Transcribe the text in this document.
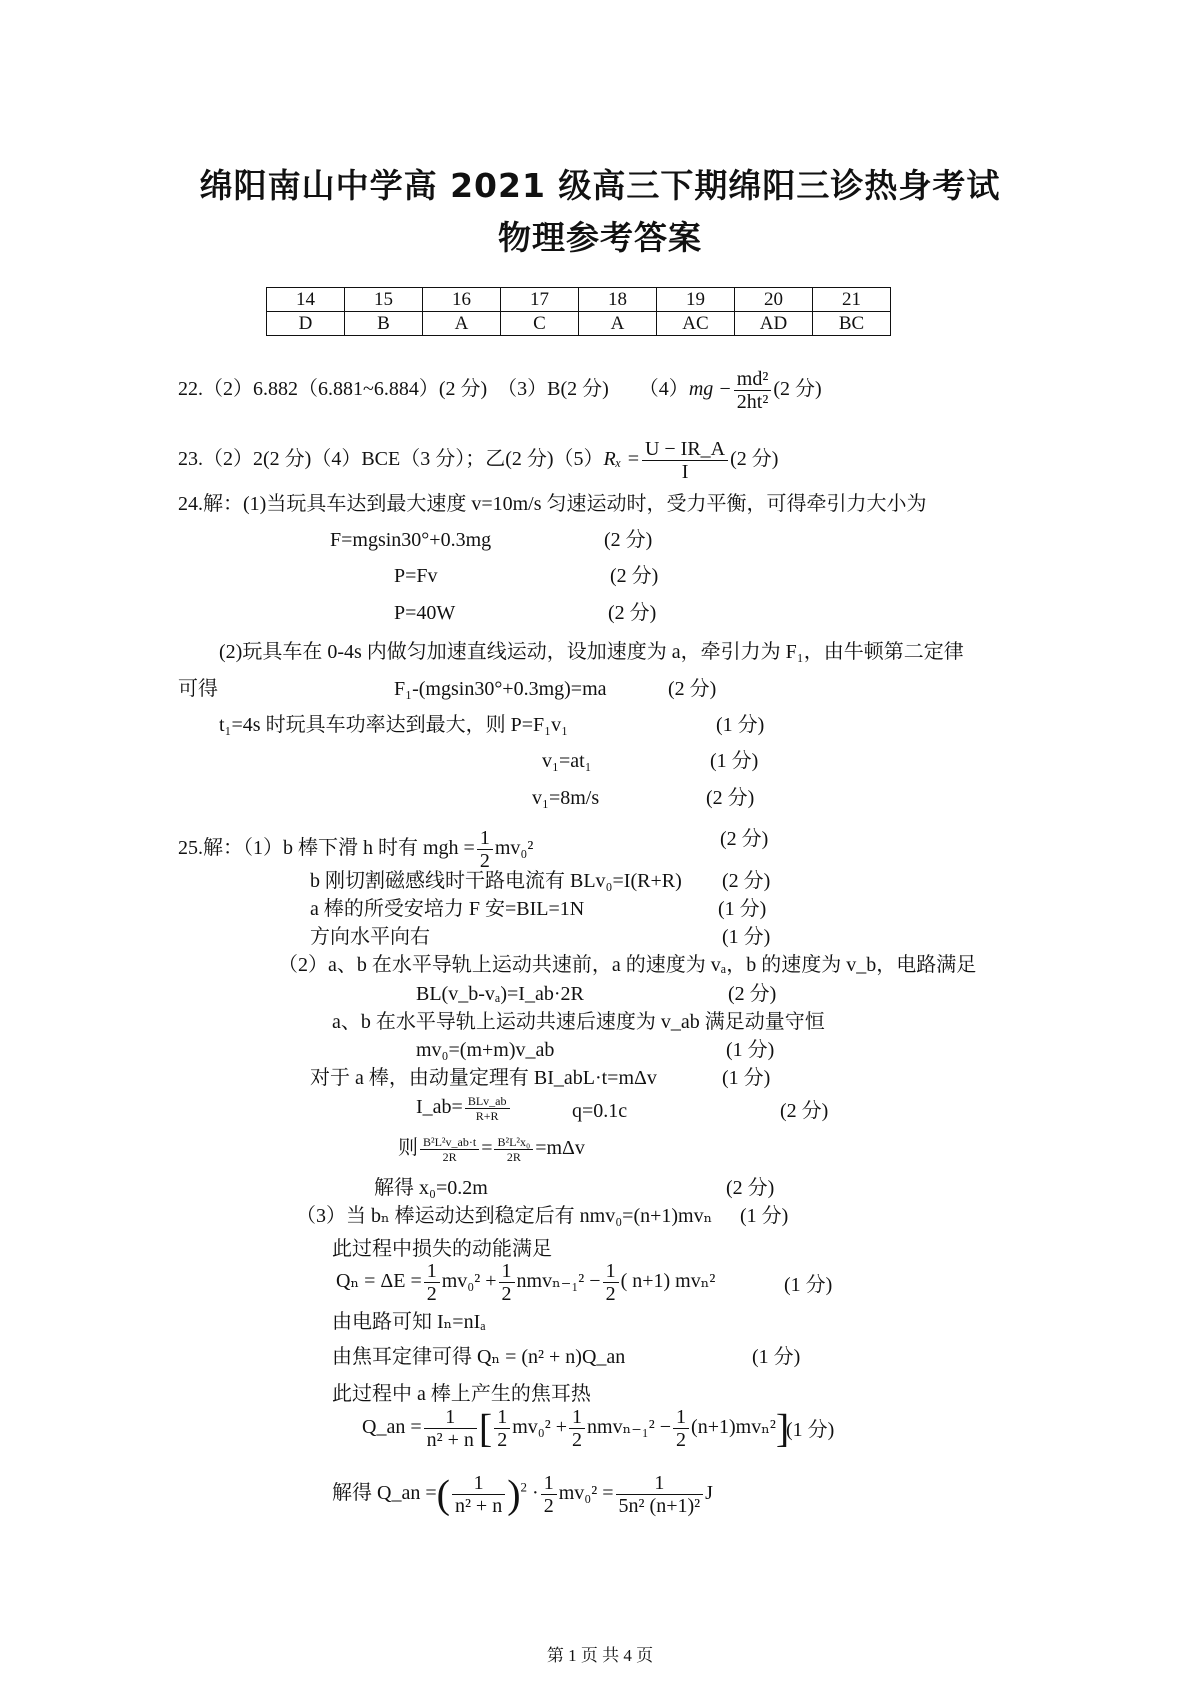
绵阳南山中学高 2021 级高三下期绵阳三诊热身考试
物理参考答案
14	15	16	17	18	19	20	21
D	B	A	C	A	AC	AD	BC
22.（2）6.882（6.881~6.884）(2 分)　（3）B(2 分)　　$(4)mg - \frac{\text{md²}}{\text{2ht²}} (2$ 分)
23.（2）2(2 分)（4）BCE（3 分）；乙(2 分)$(5)R_x = \frac{U - IR\_A}{I} (2$ 分)
24.解：(1)当玩具车达到最大速度 v=10m/s 匀速运动时，受力平衡，可得牵引力大小为
F=mgsin30°+0.3mg	(2 分)
P=Fv	(2 分)
P=40W	(2 分)
(2)玩具车在 0-4s 内做匀加速直线运动，设加速度为 a，牵引力为 F₁，由牛顿第二定律
可得	F₁-(mgsin30°+0.3mg)=ma	(2 分)
t₁=4s 时玩具车功率达到最大，则 P=F₁v₁	(1 分)
v₁=at₁	(1 分)
v₁=8m/s	(2 分)
25.解：（1）b 棒下滑 h 时有 mgh = $\frac{1}{2} mv_0^2$	(2 分)
b 刚切割磁感线时干路电流有 BLv₀=I(R+R) (2 分)
a 棒的所受安培力 F 安=BIL=1N	(1 分)
方向水平向右	(1 分)
（2）a、b 在水平导轨上运动共速前，a 的速度为 vₐ，b 的速度为 v_b，电路满足
BL(v_b-vₐ)=I_ab·2R	(2 分)
a、b 在水平导轨上运动共速后速度为 v_ab 满足动量守恒
mv₀=(m+m)v_ab	(1 分)
对于 a 棒，由动量定理有 BI_abL·t=mΔv	(1 分)
I_ab= BLv_ab
R+R	q=0.1c	(2 分)
则 $\frac{\text{B²L²v\_ab·t}}{2R} = \frac{\text{B²L²x₀}}{2R} =m\Delta v$
解得 x₀=0.2m	(2 分)
（3）当 bₙ 棒运动达到稳定后有 nmv₀=(n+1)mvₙ (1 分)
此过程中损失的动能满足
$Q_n = \Delta E = \frac{1}{2} mv_0^2 + \frac{1}{2} nmv_{n-1}^2 - \frac{1}{2}$ ( n+1) mvₙ²	(1 分)
由电路可知 Iₙ=nIₐ
由焦耳定律可得 Qₙ = (n² + n)Q_an	(1 分)
此过程中 a 棒上产生的焦耳热
Q_an = $\frac{1}{\text{n² + n}}$ [ $\frac{1}{2} mv_0^2 + \frac{1}{2} nmv_{n-1}^2 - \frac{1}{2} (n+1)mv_n^2$]
(1 分)
解得 Q_an =( $\frac{1}{\text{n² + n}} )^2 \cdot \frac{1}{2} mv_0^2 = \frac{1}{\text{5n² (n+1)²}}$ J
第 1 页 共 4 页
